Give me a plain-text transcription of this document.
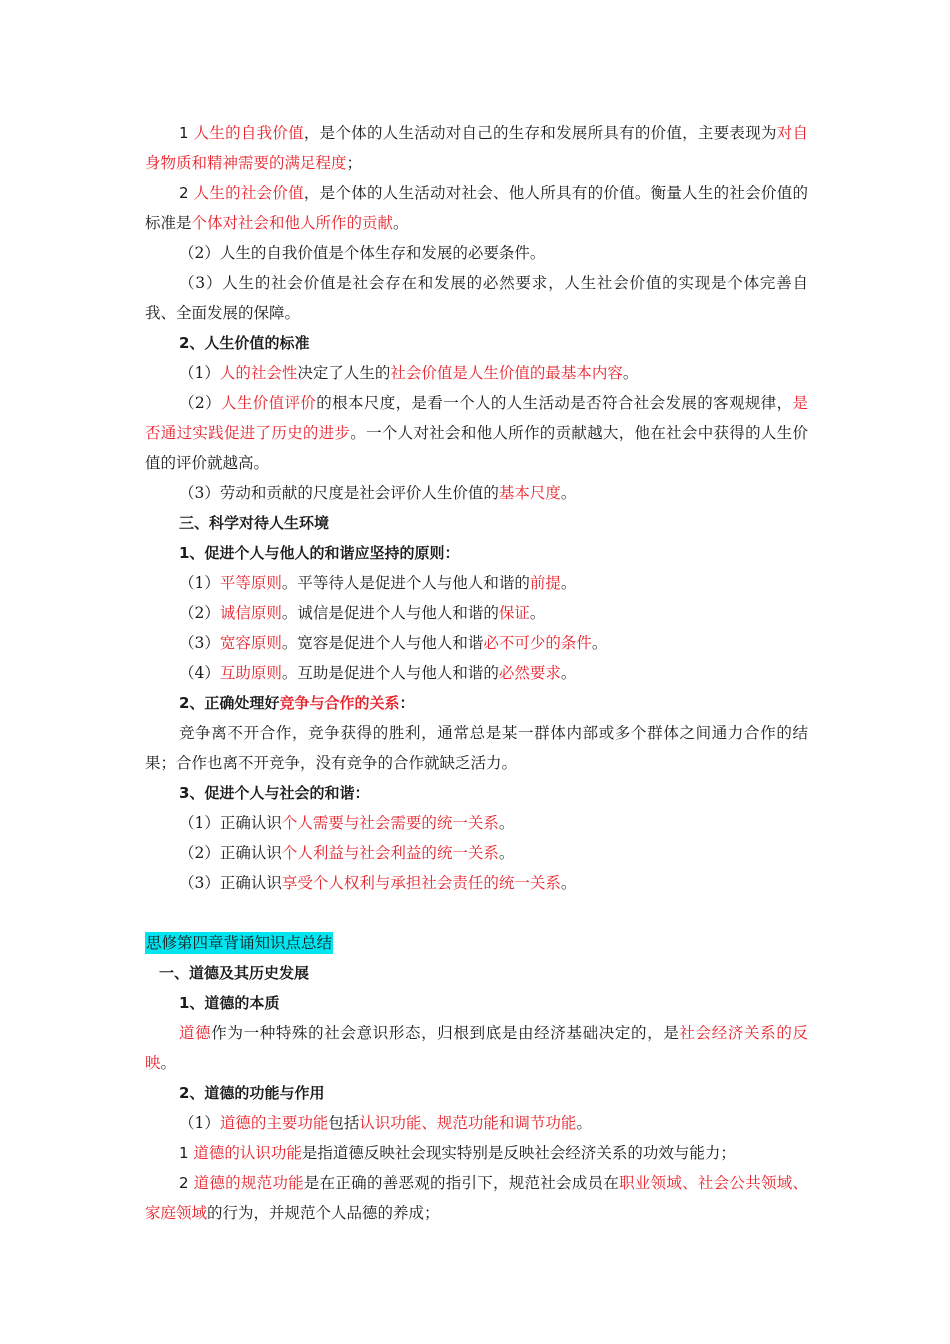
1 人生的自我价值，是个体的人生活动对自己的生存和发展所具有的价值，主要表现为对自身物质和精神需要的满足程度；

2 人生的社会价值，是个体的人生活动对社会、他人所具有的价值。衡量人生的社会价值的标准是个体对社会和他人所作的贡献。

（2）人生的自我价值是个体生存和发展的必要条件。

（3）人生的社会价值是社会存在和发展的必然要求，人生社会价值的实现是个体完善自我、全面发展的保障。

2、人生价值的标准

（1）人的社会性决定了人生的社会价值是人生价值的最基本内容。

（2）人生价值评价的根本尺度，是看一个人的人生活动是否符合社会发展的客观规律，是否通过实践促进了历史的进步。一个人对社会和他人所作的贡献越大，他在社会中获得的人生价值的评价就越高。

（3）劳动和贡献的尺度是社会评价人生价值的基本尺度。

三、科学对待人生环境

1、促进个人与他人的和谐应坚持的原则：

（1）平等原则。平等待人是促进个人与他人和谐的前提。

（2）诚信原则。诚信是促进个人与他人和谐的保证。

（3）宽容原则。宽容是促进个人与他人和谐必不可少的条件。

（4）互助原则。互助是促进个人与他人和谐的必然要求。

2、正确处理好竞争与合作的关系：

竞争离不开合作，竞争获得的胜利，通常总是某一群体内部或多个群体之间通力合作的结果；合作也离不开竞争，没有竞争的合作就缺乏活力。

3、促进个人与社会的和谐：

（1）正确认识个人需要与社会需要的统一关系。

（2）正确认识个人利益与社会利益的统一关系。

（3）正确认识享受个人权利与承担社会责任的统一关系。

思修第四章背诵知识点总结

一、道德及其历史发展

1、道德的本质

道德作为一种特殊的社会意识形态，归根到底是由经济基础决定的，是社会经济关系的反映。

2、道德的功能与作用

（1）道德的主要功能包括认识功能、规范功能和调节功能。

1 道德的认识功能是指道德反映社会现实特别是反映社会经济关系的功效与能力；

2 道德的规范功能是在正确的善恶观的指引下，规范社会成员在职业领域、社会公共领域、家庭领域的行为，并规范个人品德的养成；
